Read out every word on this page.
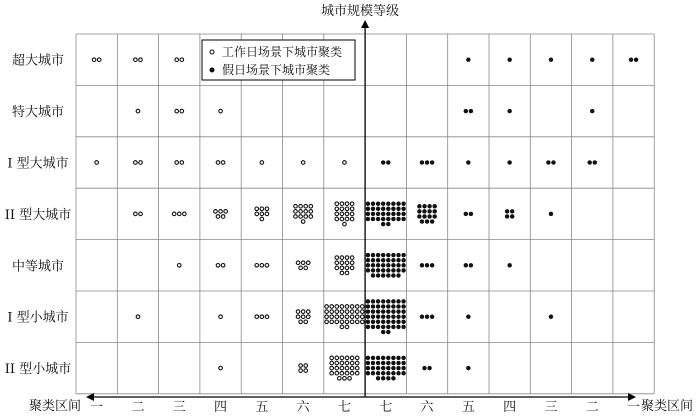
超大城市
特大城市
I 型大城市
II 型大城市
中等城市
I 型小城市
II 型小城市
一 二 三 四 五 六 七 七 六 五 四 三 二 一
城市规模等级
聚类区间	聚类区间
工作日场景下城市聚类
假日场景下城市聚类
